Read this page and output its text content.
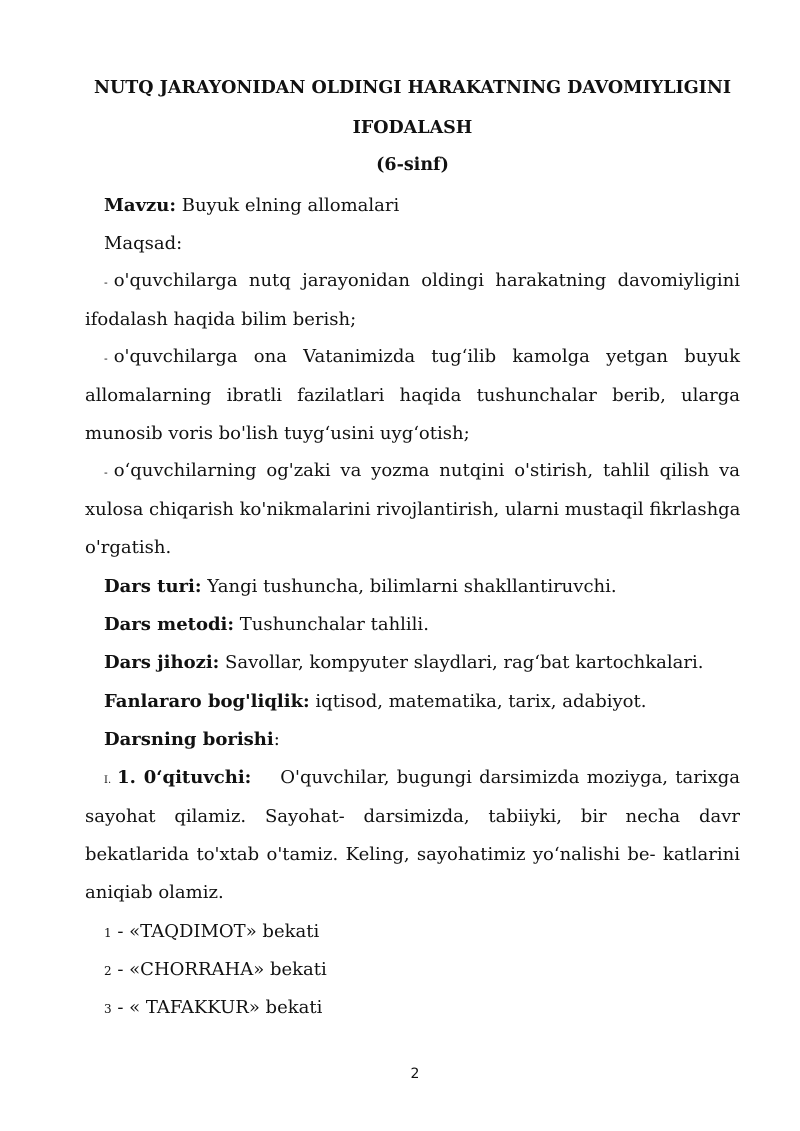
NUTQ JARAYONIDAN OLDINGI HARAKATNING DAVOMIYLIGINI
IFODALASH
(6-sinf)
Mavzu: Buyuk elning allomalari
Maqsad:
- o'quvchilarga nutq jarayonidan oldingi harakatning davomiyligini
ifodalash haqida bilim berish;
- o'quvchilarga ona Vatanimizda tug‘ilib kamolga yetgan buyuk
allomalarning ibratli fazilatlari haqida tushunchalar berib, ularga
munosib voris bo'lish tuyg‘usini uyg‘otish;
- o‘quvchilarning og'zaki va yozma nutqini o'stirish, tahlil qilish va
xulosa chiqarish ko'nikmalarini rivojlantirish, ularni mustaqil fikrlashga
o'rgatish.
Dars turi: Yangi tushuncha, bilimlarni shakllantiruvchi.
Dars metodi: Tushunchalar tahlili.
Dars jihozi: Savollar, kompyuter slaydlari, rag‘bat kartochkalari.
Fanlararo bog'liqlik: iqtisod, matematika, tarix, adabiyot.
Darsning borishi:
I. 1. 0‘qituvchi: O'quvchilar, bugungi darsimizda moziyga, tarixga
sayohat qilamiz. Sayohat- darsimizda, tabiiyki, bir necha davr
bekatlarida to'xtab o'tamiz. Keling, sayohatimiz yo‘nalishi be- katlarini
aniqiab olamiz.
1 - «TAQDIMOT» bekati
2 - «CHORRAHA» bekati
3 - « TAFAKKUR» bekati
2
